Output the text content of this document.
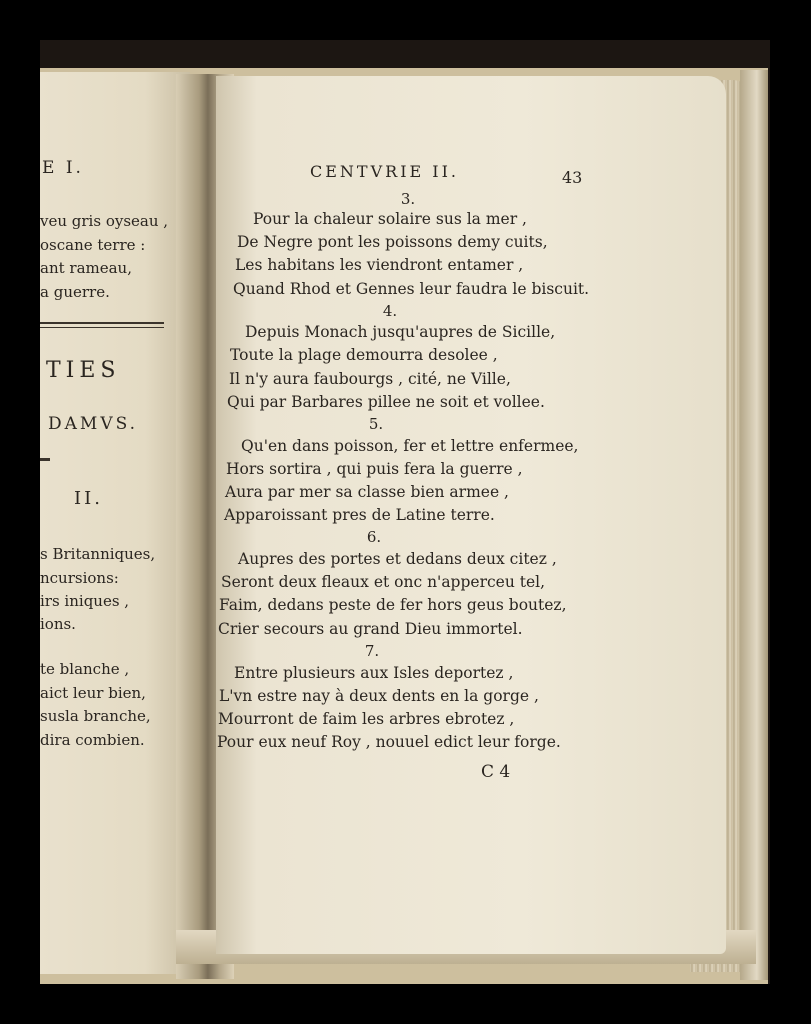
E I.
veu gris oyseau ,
oscane terre :
ant rameau,
a guerre.
TIES
DAMVS.
II.
s Britanniques,
ncursions:
irs iniques ,
ions.
te blanche ,
aict leur bien,
susla branche,
dira combien.
CENTVRIE II.	43
3.
Pour la chaleur solaire sus la mer ,
De Negre pont les poissons demy cuits,
Les habitans les viendront entamer ,
Quand Rhod et Gennes leur faudra le biscuit.
4.
Depuis Monach jusqu'aupres de Sicille,
Toute la plage demourra desolee ,
Il n'y aura faubourgs , cité, ne Ville,
Qui par Barbares pillee ne soit et vollee.
5.
Qu'en dans poisson, fer et lettre enfermee,
Hors sortira , qui puis fera la guerre ,
Aura par mer sa classe bien armee ,
Apparoissant pres de Latine terre.
6.
Aupres des portes et dedans deux citez ,
Seront deux fleaux et onc n'apperceu tel,
Faim, dedans peste de fer hors geus boutez,
Crier secours au grand Dieu immortel.
7.
Entre plusieurs aux Isles deportez ,
L'vn estre nay à deux dents en la gorge ,
Mourront de faim les arbres ebrotez ,
Pour eux neuf Roy , nouuel edict leur forge.
C 4
